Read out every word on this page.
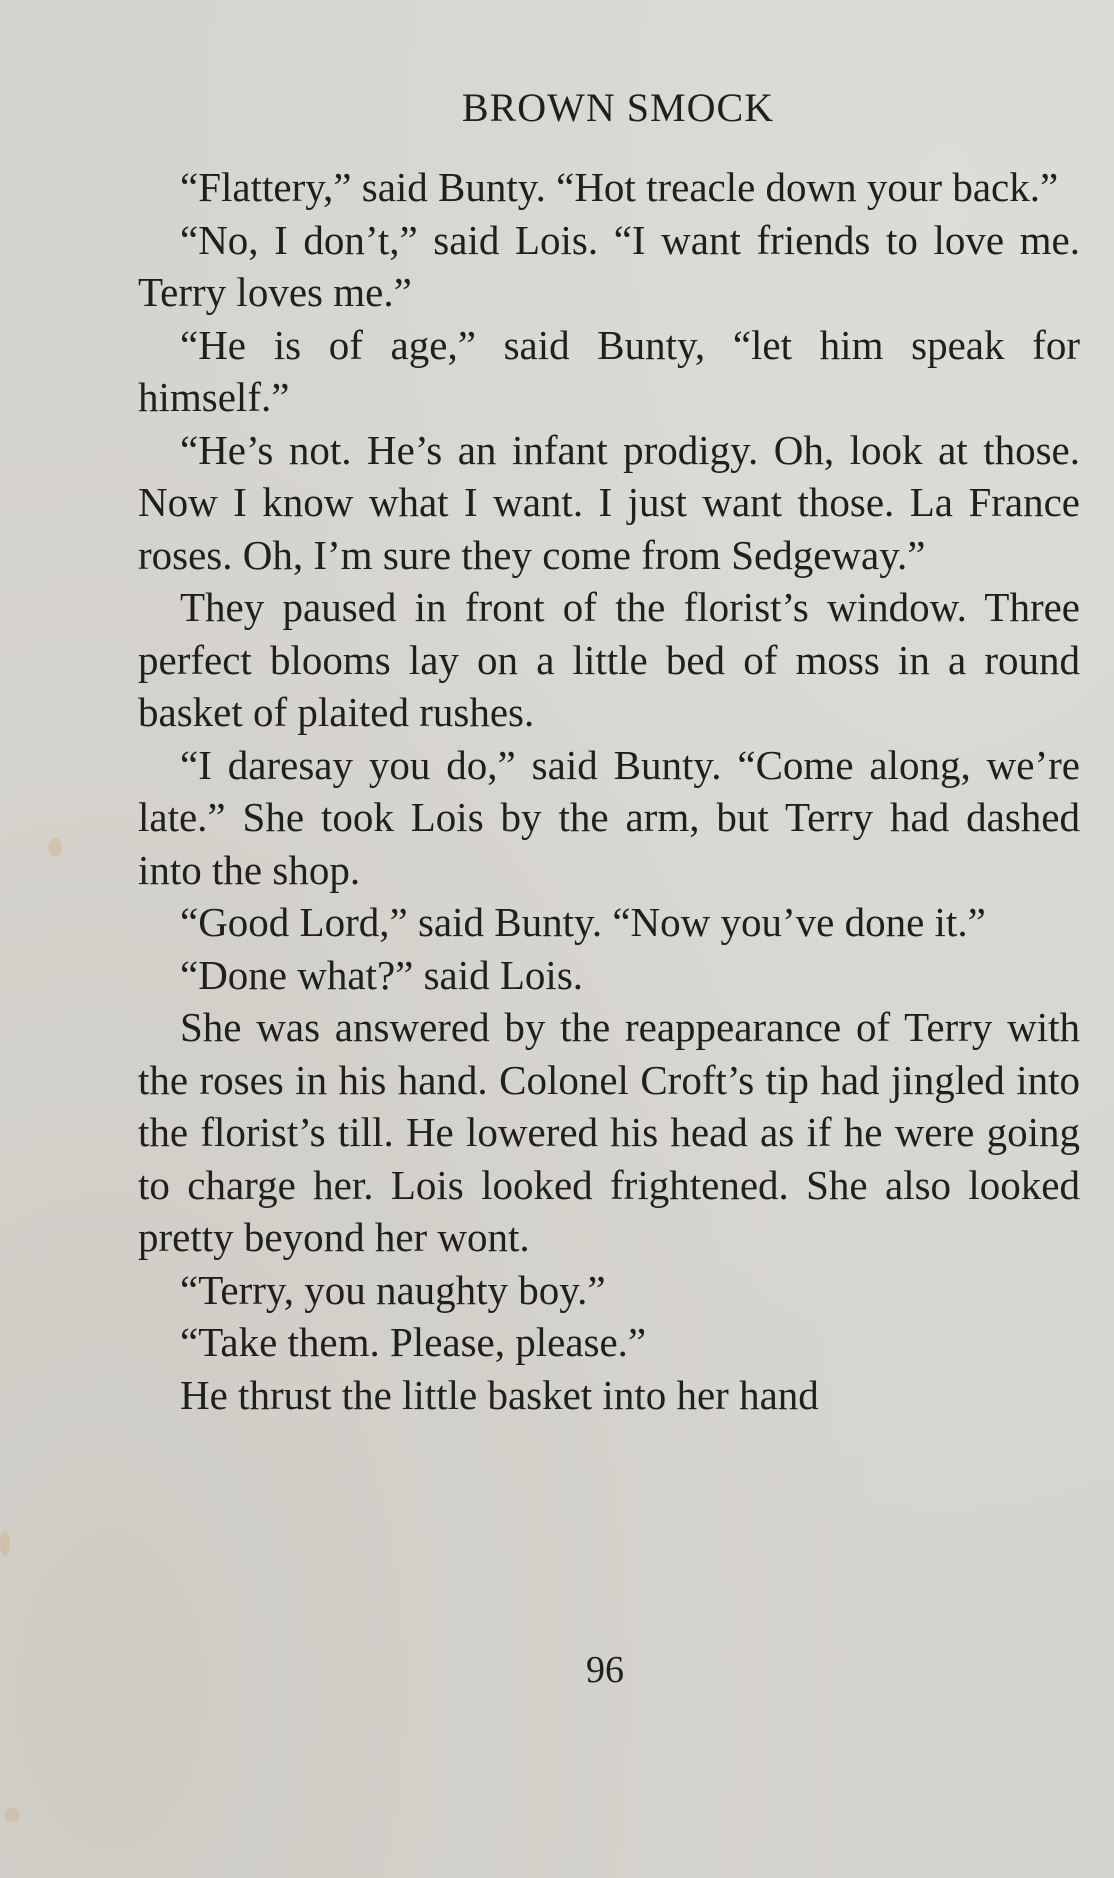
BROWN SMOCK

“Flattery,” said Bunty. “Hot treacle down your back.”

“No, I don’t,” said Lois. “I want friends to love me. Terry loves me.”

“He is of age,” said Bunty, “let him speak for himself.”

“He’s not. He’s an infant prodigy. Oh, look at those. Now I know what I want. I just want those. La France roses. Oh, I’m sure they come from Sedgeway.”

They paused in front of the florist’s window. Three perfect blooms lay on a little bed of moss in a round basket of plaited rushes.

“I daresay you do,” said Bunty. “Come along, we’re late.” She took Lois by the arm, but Terry had dashed into the shop.

“Good Lord,” said Bunty. “Now you’ve done it.”

“Done what?” said Lois.

She was answered by the reappearance of Terry with the roses in his hand. Colonel Croft’s tip had jingled into the florist’s till. He lowered his head as if he were going to charge her. Lois looked frightened. She also looked pretty beyond her wont.

“Terry, you naughty boy.”

“Take them. Please, please.”

He thrust the little basket into her hand

96
